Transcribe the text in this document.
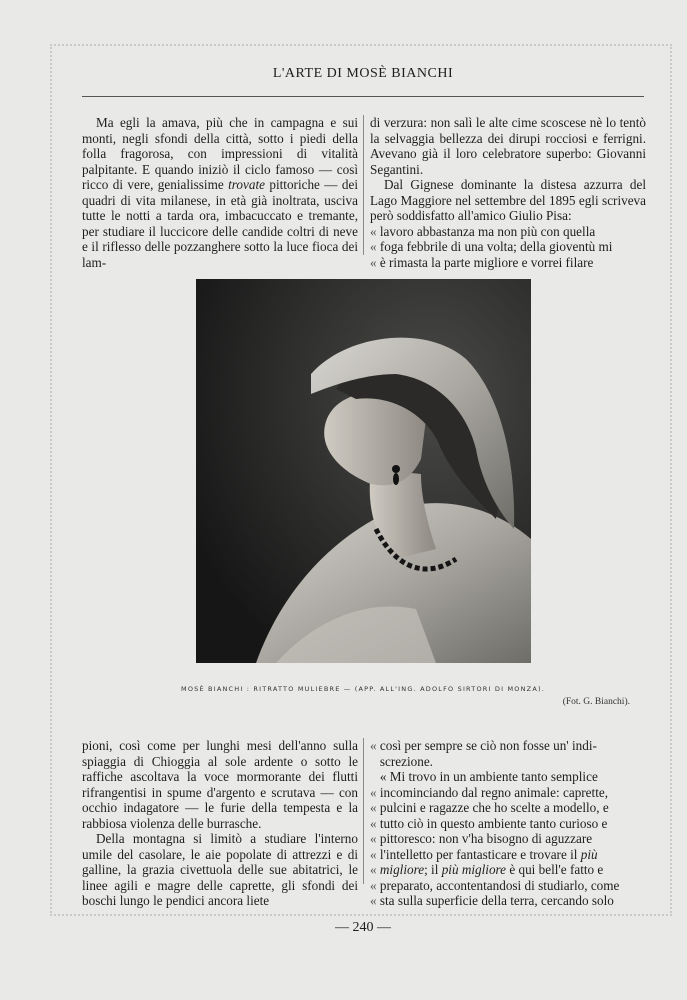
L'ARTE DI MOSÈ BIANCHI

Ma egli la amava, più che in campagna e sui monti, negli sfondi della città, sotto i piedi della folla fragorosa, con impressioni di vitalità palpitante. E quando iniziò il ciclo famoso — così ricco di vere, genialissime trovate pittoriche — dei quadri di vita milanese, in età già inoltrata, usciva tutte le notti a tarda ora, imbacuccato e tremante, per studiare il luccicore delle candide coltri di neve e il riflesso delle pozzanghere sotto la luce fioca dei lam-

di verzura: non salì le alte cime scoscese nè lo tentò la selvaggia bellezza dei dirupi rocciosi e ferrigni. Avevano già il loro celebratore superbo: Giovanni Segantini.

Dal Gignese dominante la distesa azzurra del Lago Maggiore nel settembre del 1895 egli scriveva però soddisfatto all'amico Giulio Pisa:

« lavoro abbastanza ma non più con quella
« foga febbrile di una volta; della gioventù mi
« è rimasta la parte migliore e vorrei filare
MOSÈ BIANCHI : RITRATTO MULIEBRE — (APP. ALL'ING. ADOLFO SIRTORI DI MONZA).
(Fot. G. Bianchi).

pioni, così come per lunghi mesi dell'anno sulla spiaggia di Chioggia al sole ardente o sotto le raffiche ascoltava la voce mormorante dei flutti rifrangentisi in spume d'argento e scrutava — con occhio indagatore — le furie della tempesta e la rabbiosa violenza delle burrasche.

Della montagna si limitò a studiare l'interno umile del casolare, le aie popolate di attrezzi e di galline, la grazia civettuola delle sue abitatrici, le linee agili e magre delle caprette, gli sfondi dei boschi lungo le pendici ancora liete

« così per sempre se ciò non fosse un' indi-
screzione.
« Mi trovo in un ambiente tanto semplice
« incominciando dal regno animale: caprette,
« pulcini e ragazze che ho scelte a modello, e
« tutto ciò in questo ambiente tanto curioso e
« pittoresco: non v'ha bisogno di aguzzare
« l'intelletto per fantasticare e trovare il più
« migliore; il più migliore è qui bell'e fatto e
« preparato, accontentandosi di studiarlo, come
« sta sulla superficie della terra, cercando solo
— 240 —
